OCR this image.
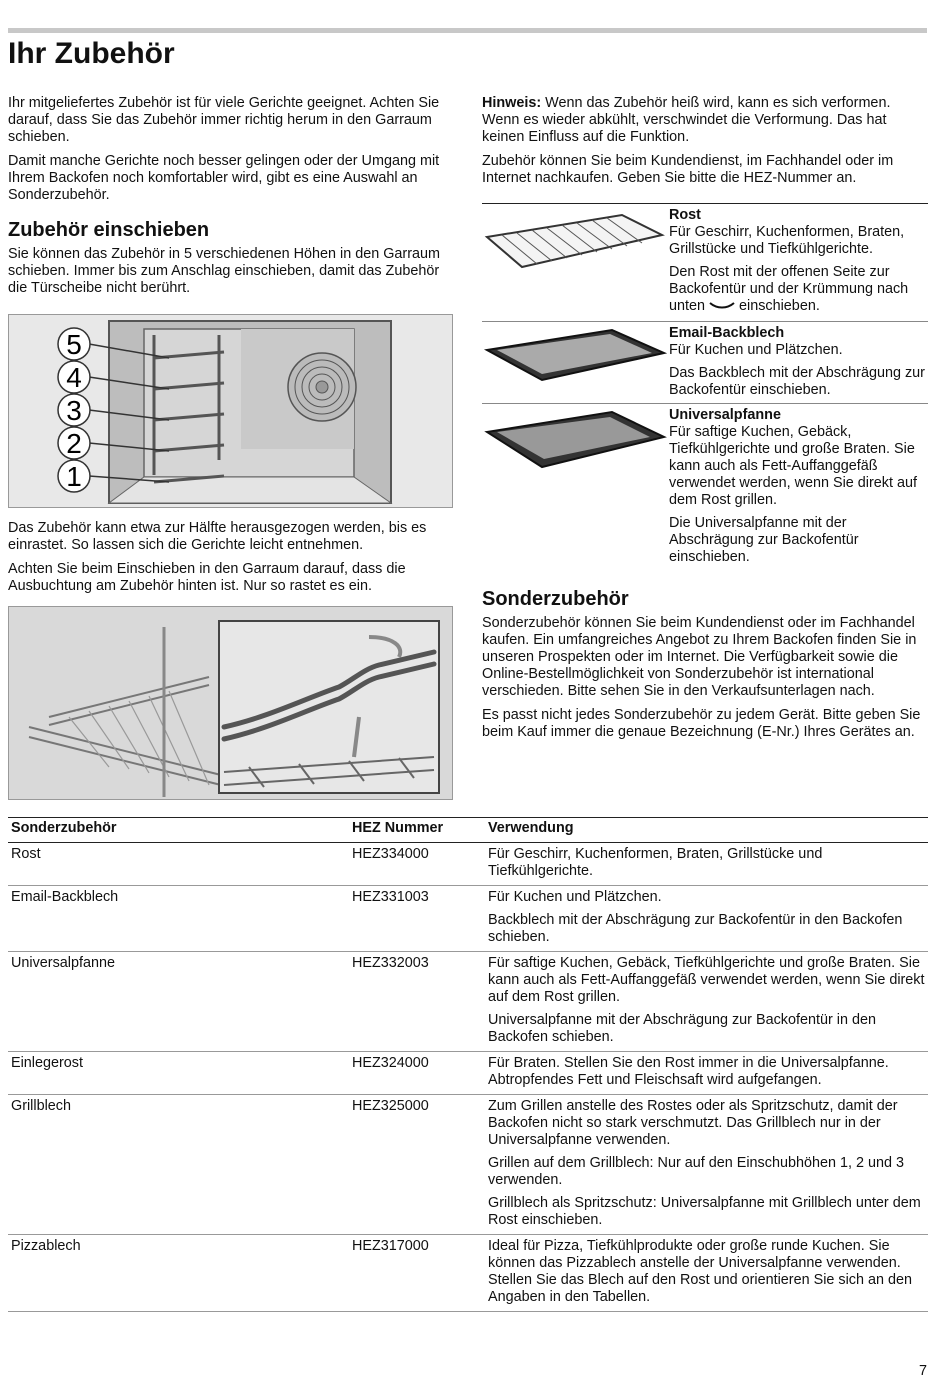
Ihr Zubehör

Ihr mitgeliefertes Zubehör ist für viele Gerichte geeignet. Achten Sie darauf, dass Sie das Zubehör immer richtig herum in den Garraum schieben.

Damit manche Gerichte noch besser gelingen oder der Umgang mit Ihrem Backofen noch komfortabler wird, gibt es eine Auswahl an Sonderzubehör.

Zubehör einschieben

Sie können das Zubehör in 5 verschiedenen Höhen in den Garraum schieben. Immer bis zum Anschlag einschieben, damit das Zubehör die Türscheibe nicht berührt.

5
4
3
2
1

Das Zubehör kann etwa zur Hälfte herausgezogen werden, bis es einrastet. So lassen sich die Gerichte leicht entnehmen.

Achten Sie beim Einschieben in den Garraum darauf, dass die Ausbuchtung am Zubehör hinten ist. Nur so rastet es ein.

Hinweis: Wenn das Zubehör heiß wird, kann es sich verformen. Wenn es wieder abkühlt, verschwindet die Verformung. Das hat keinen Einfluss auf die Funktion.

Zubehör können Sie beim Kundendienst, im Fachhandel oder im Internet nachkaufen. Geben Sie bitte die HEZ-Nummer an.

Rost

Für Geschirr, Kuchenformen, Braten, Grillstücke und Tiefkühlgerichte.

Den Rost mit der offenen Seite zur Backofentür und der Krümmung nach unten  einschieben.

Email-Backblech

Für Kuchen und Plätzchen.

Das Backblech mit der Abschrägung zur Backofentür einschieben.

Universalpfanne

Für saftige Kuchen, Gebäck, Tiefkühlgerichte und große Braten. Sie kann auch als Fett-Auffanggefäß verwendet werden, wenn Sie direkt auf dem Rost grillen.

Die Universalpfanne mit der Abschrägung zur Backofentür einschieben.

Sonderzubehör

Sonderzubehör können Sie beim Kundendienst oder im Fachhandel kaufen. Ein umfangreiches Angebot zu Ihrem Backofen finden Sie in unseren Prospekten oder im Internet. Die Verfügbarkeit sowie die Online-Bestellmöglichkeit von Sonderzubehör ist international verschieden. Bitte sehen Sie in den Verkaufsunterlagen nach.

Es passt nicht jedes Sonderzubehör zu jedem Gerät. Bitte geben Sie beim Kauf immer die genaue Bezeichnung (E-Nr.) Ihres Gerätes an.

Sonderzubehör	HEZ Nummer	Verwendung
Rost	HEZ334000	Für Geschirr, Kuchenformen, Braten, Grillstücke und Tiefkühlgerichte.

Email-Backblech	HEZ331003	Für Kuchen und Plätzchen.

Backblech mit der Abschrägung zur Backofentür in den Backofen schieben.

Universalpfanne	HEZ332003	Für saftige Kuchen, Gebäck, Tiefkühlgerichte und große Braten. Sie kann auch als Fett-Auffanggefäß verwendet werden, wenn Sie direkt auf dem Rost grillen.

Universalpfanne mit der Abschrägung zur Backofentür in den Backofen schieben.

Einlegerost	HEZ324000	Für Braten. Stellen Sie den Rost immer in die Universalpfanne. Abtropfendes Fett und Fleischsaft wird aufgefangen.

Grillblech	HEZ325000	Zum Grillen anstelle des Rostes oder als Spritzschutz, damit der Backofen nicht so stark verschmutzt. Das Grillblech nur in der Universalpfanne verwenden.

Grillen auf dem Grillblech: Nur auf den Einschubhöhen 1, 2 und 3 verwenden.

Grillblech als Spritzschutz: Universalpfanne mit Grillblech unter dem Rost einschieben.

Pizzablech	HEZ317000	Ideal für Pizza, Tiefkühlprodukte oder große runde Kuchen. Sie können das Pizzablech anstelle der Universalpfanne verwenden. Stellen Sie das Blech auf den Rost und orientieren Sie sich an den Angaben in den Tabellen.

7
